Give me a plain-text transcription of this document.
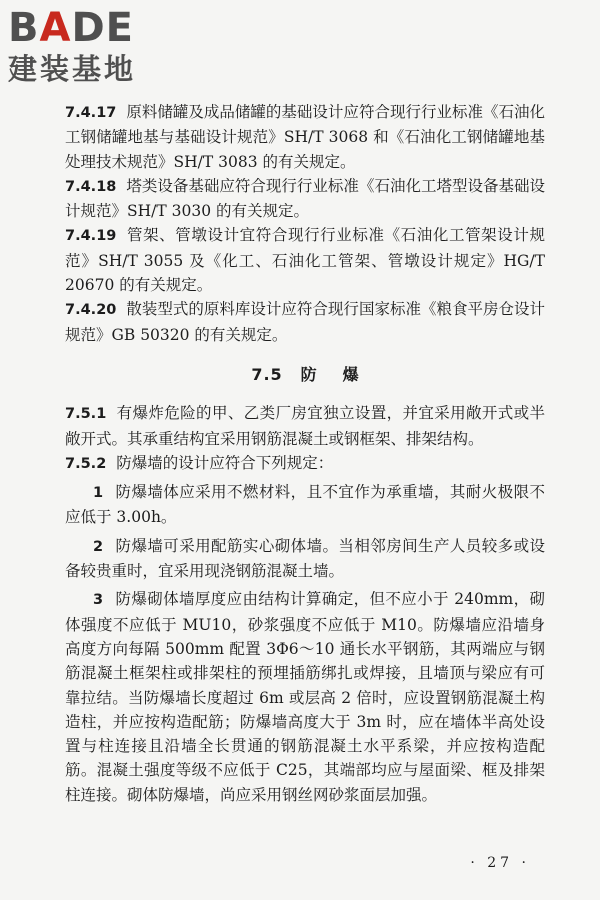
BADE
建装基地

7.4.17 原料储罐及成品储罐的基础设计应符合现行行业标准《石油化工钢储罐地基与基础设计规范》SH/T 3068 和《石油化工钢储罐地基处理技术规范》SH/T 3083 的有关规定。

7.4.18 塔类设备基础应符合现行行业标准《石油化工塔型设备基础设计规范》SH/T 3030 的有关规定。

7.4.19 管架、管墩设计宜符合现行行业标准《石油化工管架设计规范》SH/T 3055 及《化工、石油化工管架、管墩设计规定》HG/T 20670 的有关规定。

7.4.20 散装型式的原料库设计应符合现行国家标准《粮食平房仓设计规范》GB 50320 的有关规定。

7.5 防爆

7.5.1 有爆炸危险的甲、乙类厂房宜独立设置，并宜采用敞开式或半敞开式。其承重结构宜采用钢筋混凝土或钢框架、排架结构。

7.5.2 防爆墙的设计应符合下列规定：

1 防爆墙体应采用不燃材料，且不宜作为承重墙，其耐火极限不应低于 3.00h。

2 防爆墙可采用配筋实心砌体墙。当相邻房间生产人员较多或设备较贵重时，宜采用现浇钢筋混凝土墙。

3 防爆砌体墙厚度应由结构计算确定，但不应小于 240mm，砌体强度不应低于 MU10，砂浆强度不应低于 M10。防爆墙应沿墙身高度方向每隔 500mm 配置 3Φ6～10 通长水平钢筋，其两端应与钢筋混凝土框架柱或排架柱的预埋插筋绑扎或焊接，且墙顶与梁应有可靠拉结。当防爆墙长度超过 6m 或层高 2 倍时，应设置钢筋混凝土构造柱，并应按构造配筋；防爆墙高度大于 3m 时，应在墙体半高处设置与柱连接且沿墙全长贯通的钢筋混凝土水平系梁，并应按构造配筋。混凝土强度等级不应低于 C25，其端部均应与屋面梁、框及排架柱连接。砌体防爆墙，尚应采用钢丝网砂浆面层加强。

· 27 ·
